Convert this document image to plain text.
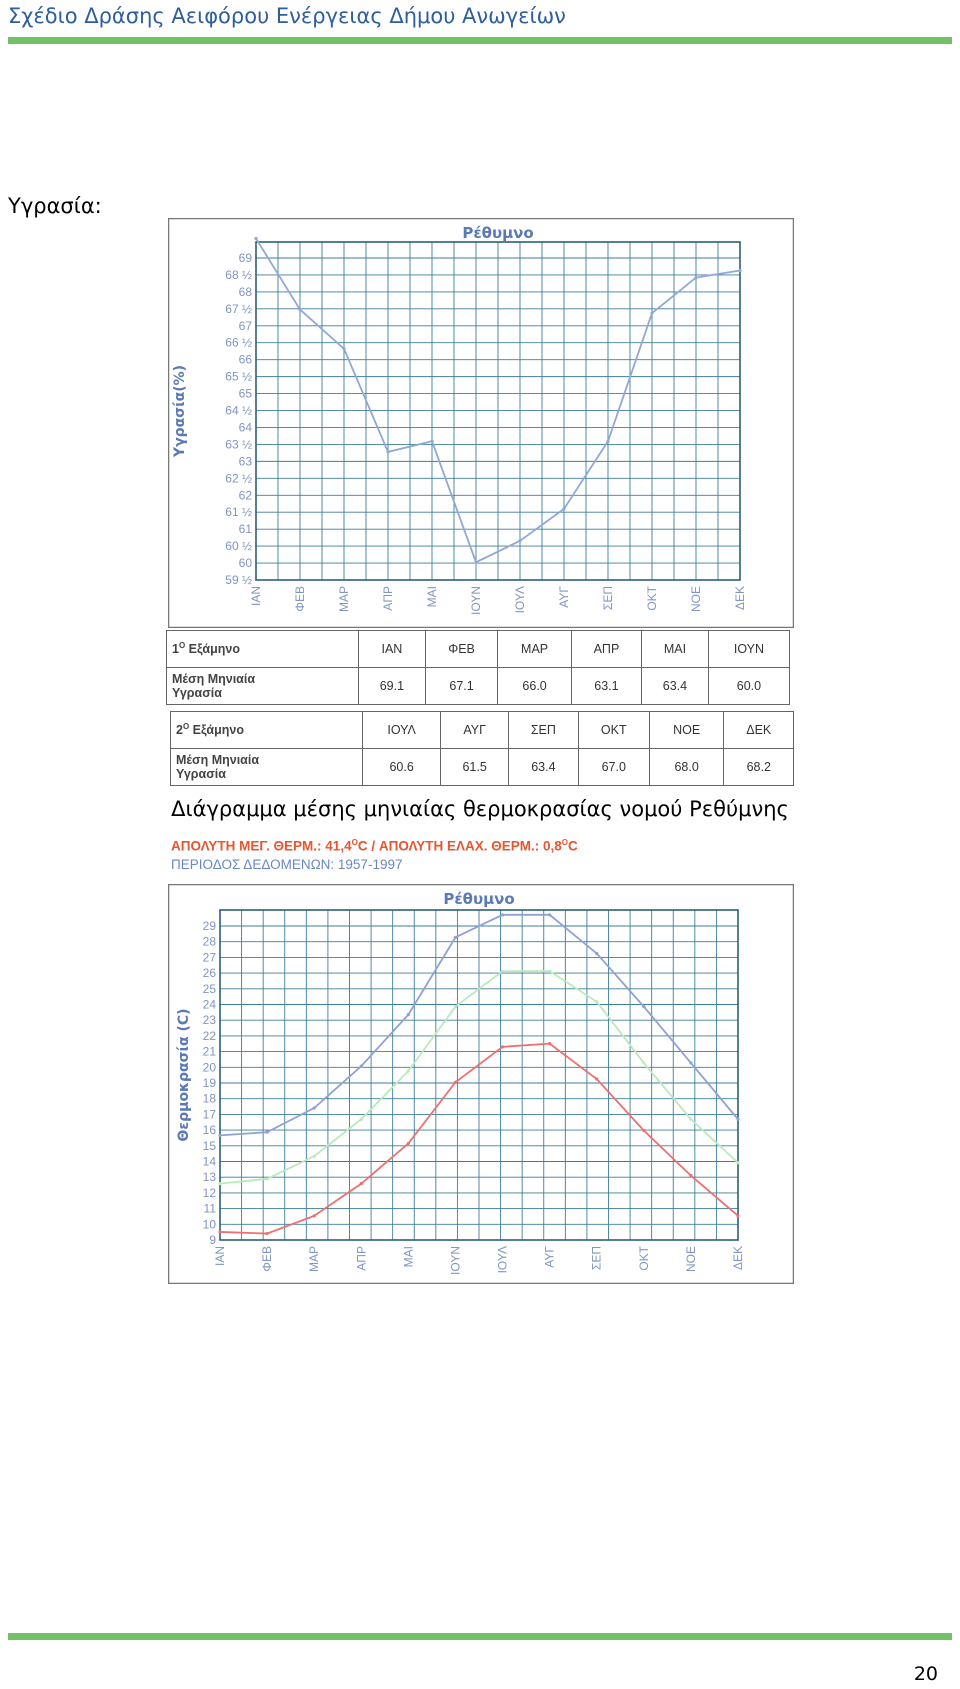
Σχέδιο Δράσης Αειφόρου Ενέργειας Δήμου Ανωγείων
Υγρασία:
Ρέθυμνο
69
68 ½
68
67 ½
67
66 ½
66
65 ½
65
64 ½
64
63 ½
63
62 ½
62
61 ½
61
60 ½
60
59 ½
ΙΑΝ	ΦΕΒ	ΜΑΡ	ΑΠΡ	ΜΑΙ	ΙΟΥΝ	ΙΟΥΛ	ΑΥΓ	ΣΕΠ	ΟΚΤ	ΝΟΕ	ΔΕΚ
Υγρασία(%)
$1^O$ Εξάμηνο	ΙΑΝ	ΦΕΒ	ΜΑΡ	ΑΠΡ	ΜΑΙ	ΙΟΥΝ
Μέση Μηνιαία
Υγρασία	69.1	67.1	66.0	63.1	63.4	60.0
$2^O$ Εξάμηνο	ΙΟΥΛ	ΑΥΓ	ΣΕΠ	ΟΚΤ	ΝΟΕ	ΔΕΚ
Μέση Μηνιαία
Υγρασία	60.6	61.5	63.4	67.0	68.0	68.2
Διάγραμμα μέσης μηνιαίας θερμοκρασίας νομού Ρεθύμνης
ΑΠΟΛΥΤΗ ΜΕΓ. ΘΕΡΜ.: $41,4^OC$ / ΑΠΟΛΥΤΗ ΕΛΑΧ. ΘΕΡΜ.: $0,8^OC$
ΠΕΡΙΟΔΟΣ ΔΕΔΟΜΕΝΩΝ: 1957-1997
Ρέθυμνο
29
28
27
26
25
24
23
22
21
20
19
18
17
16
15
14
13
12
11
10
9
ΙΑΝ	ΦΕΒ	ΜΑΡ	ΑΠΡ	ΜΑΙ	ΙΟΥΝ	ΙΟΥΛ	ΑΥΓ	ΣΕΠ	ΟΚΤ	ΝΟΕ	ΔΕΚ
Θερμοκρασία (C)
20
